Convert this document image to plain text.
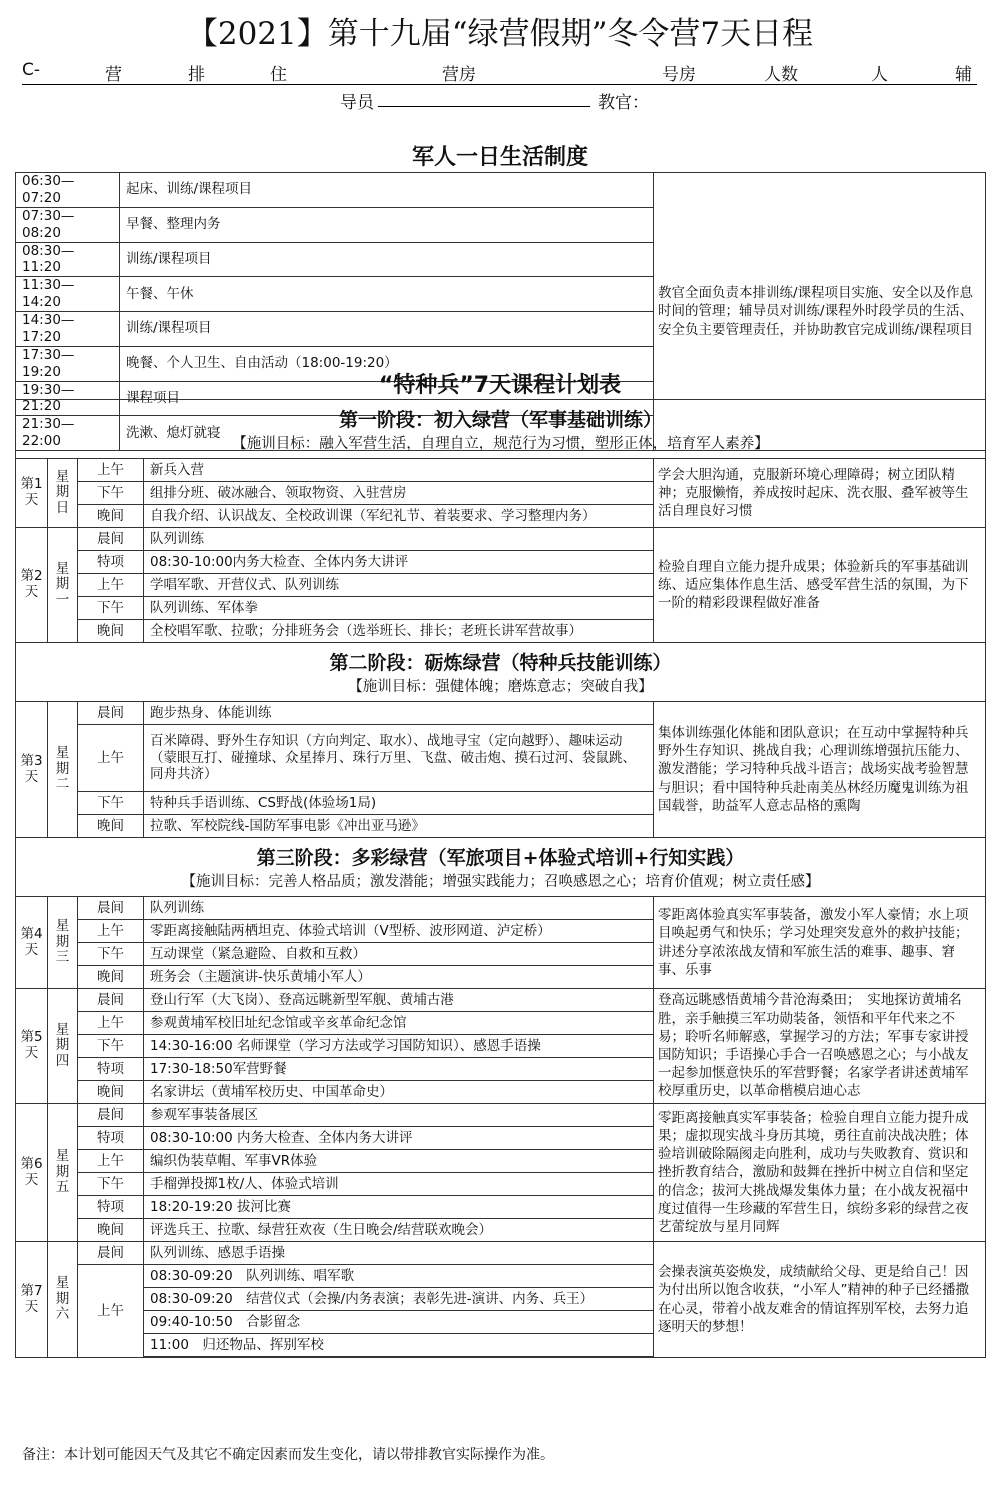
【2021】第十九届“绿营假期”冬令营7天日程
C-	营	排	住	营房	号房	人数	人	辅
导员	教官：
军人一日生活制度
06:30—07:20	起床、训练/课程项目	教官全面负责本排训练/课程项目实施、安全以及作息时间的管理；辅导员对训练/课程外时段学员的生活、安全负主要管理责任，并协助教官完成训练/课程项目
07:30—08:20	早餐、整理内务	
08:30—11:20	训练/课程项目	
11:30—14:20	午餐、午休	
14:30—17:20	训练/课程项目	
17:30—19:20	晚餐、个人卫生、自由活动（18:00-19:20）	
19:30—21:20	课程项目	
21:30—22:00	洗漱、熄灯就寝	
“特种兵”7天课程计划表
第一阶段：初入绿营（军事基础训练）
【施训目标：融入军营生活，自理自立，规范行为习惯，塑形正体，培育军人素养】				

第1天	星期日	上午	新兵入营	学会大胆沟通，克服新环境心理障碍；树立团队精神；克服懒惰，养成按时起床、洗衣服、叠军被等生活自理良好习惯
		下午	组排分班、破冰融合、领取物资、入驻营房	
		晚间	自我介绍、认识战友、全校政训课（军纪礼节、着装要求、学习整理内务）	
第2天	星期一	晨间	队列训练	检验自理自立能力提升成果；体验新兵的军事基础训练、适应集体作息生活、感受军营生活的氛围，为下一阶的精彩段课程做好准备
		特项	08:30-10:00内务大检查、全体内务大讲评	
		上午	学唱军歌、开营仪式、队列训练	
		下午	队列训练、军体拳	
		晚间	全校唱军歌、拉歌；分排班务会（选举班长、排长；老班长讲军营故事）	

第二阶段：砺炼绿营（特种兵技能训练）
【施训目标：强健体魄；磨炼意志；突破自我】				

第3天	星期二	晨间	跑步热身、体能训练	集体训练强化体能和团队意识；在互动中掌握特种兵野外生存知识、挑战自我；心理训练增强抗压能力、激发潜能；学习特种兵战斗语言；战场实战考验智慧与胆识；看中国特种兵赴南美丛林经历魔鬼训练为祖国载誉，助益军人意志品格的熏陶
		上午	百米障碍、野外生存知识（方向判定、取水）、战地寻宝（定向越野）、趣味运动（蒙眼互打、碰撞球、众星捧月、珠行万里、飞盘、破击炮、摸石过河、袋鼠跳、同舟共济）	
		下午	特种兵手语训练、CS野战(体验场1局)	
		晚间	拉歌、军校院线-国防军事电影《冲出亚马逊》	

第三阶段：多彩绿营（军旅项目+体验式培训+行知实践）
【施训目标：完善人格品质；激发潜能；增强实践能力；召唤感恩之心；培育价值观；树立责任感】				

第4天	星期三	晨间	队列训练	零距离体验真实军事装备，激发小军人豪情；水上项目唤起勇气和快乐；学习处理突发意外的救护技能；讲述分享浓浓战友情和军旅生活的难事、趣事、窘事、乐事
		上午	零距离接触陆两栖坦克、体验式培训（V型桥、波形网道、泸定桥）	
		下午	互动课堂（紧急避险、自救和互救）	
		晚间	班务会（主题演讲-快乐黄埔小军人）	
第5天	星期四	晨间	登山行军（大飞岗）、登高远眺新型军舰、黄埔古港	登高远眺感悟黄埔今昔沧海桑田；　实地探访黄埔名胜，亲手触摸三军功勋装备，领悟和平年代来之不易；聆听名师解惑，掌握学习的方法；军事专家讲授国防知识；手语操心手合一召唤感恩之心；与小战友一起参加惬意快乐的军营野餐；名家学者讲述黄埔军校厚重历史，以革命楷模启迪心志
		上午	参观黄埔军校旧址纪念馆或辛亥革命纪念馆	
		下午	14:30-16:00 名师课堂（学习方法或学习国防知识）、感恩手语操	
		特项	17:30-18:50军营野餐	
		晚间	名家讲坛（黄埔军校历史、中国革命史）	
第6天	星期五	晨间	参观军事装备展区	零距离接触真实军事装备；检验自理自立能力提升成果；虚拟现实战斗身历其境，勇往直前决战决胜；体验培训破除隔阂走向胜利，成功与失败教育、赏识和挫折教育结合，激励和鼓舞在挫折中树立自信和坚定的信念；拔河大挑战爆发集体力量；在小战友祝福中度过值得一生珍藏的军营生日，缤纷多彩的绿营之夜艺蕾绽放与星月同辉
		特项	08:30-10:00 内务大检查、全体内务大讲评	
		上午	编织伪装草帽、军事VR体验	
		下午	手榴弹投掷1枚/人、体验式培训	
		特项	18:20-19:20 拔河比赛	
		晚间	评选兵王、拉歌、绿营狂欢夜（生日晚会/结营联欢晚会）	
第7天	星期六	晨间	队列训练、感恩手语操	会操表演英姿焕发，成绩献给父母、更是给自己！因为付出所以饱含收获，“小军人”精神的种子已经播撒在心灵，带着小战友难舍的情谊挥别军校，去努力追逐明天的梦想！
		上午	08:30-09:20　队列训练、唱军歌	
			08:30-09:20　结营仪式（会操/内务表演；表彰先进-演讲、内务、兵王）	
			09:40-10:50　合影留念	
			11:00　归还物品、挥别军校	

备注：本计划可能因天气及其它不确定因素而发生变化，请以带排教官实际操作为准。
